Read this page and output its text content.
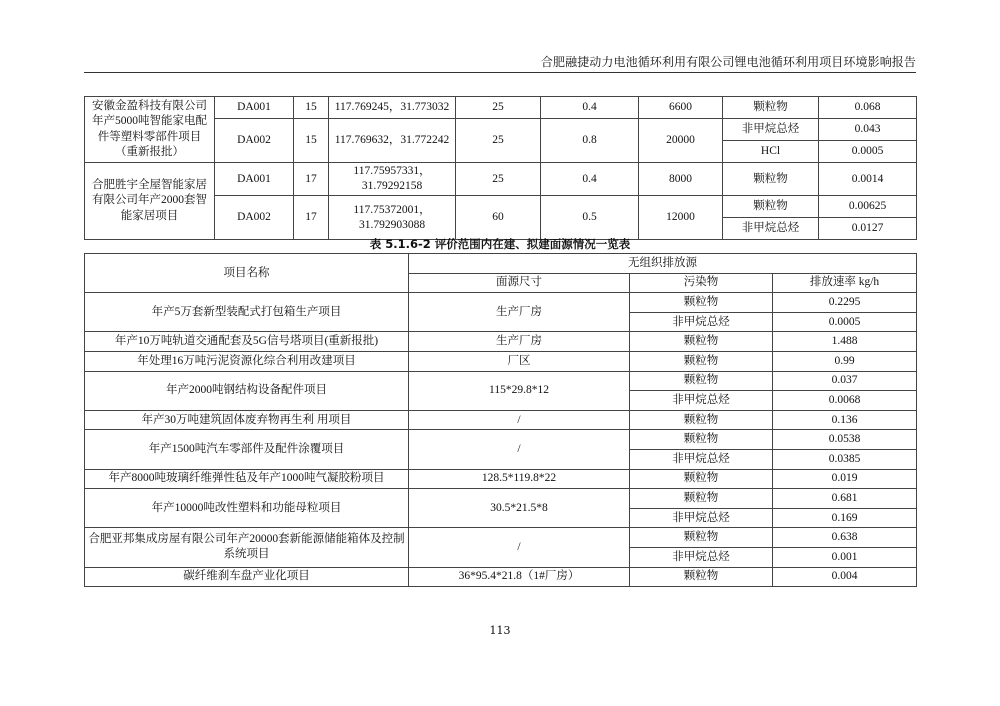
合肥融捷动力电池循环利用有限公司锂电池循环利用项目环境影响报告
安徽金盈科技有限公司年产5000吨智能家电配件等塑料零部件项目（重新报批）	DA001	15	117.769245，31.773032	25	0.4	6600	颗粒物	0.068
	DA002	15	117.769632，31.772242	25	0.8	20000	非甲烷总烃	0.043
							HCl	0.0005
合肥胜宇全屋智能家居有限公司年产2000套智能家居项目	DA001	17	117.75957331，31.79292158	25	0.4	8000	颗粒物	0.0014
	DA002	17	117.75372001，31.792903088	60	0.5	12000	颗粒物	0.00625
							非甲烷总烃	0.0127
表 5.1.6-2 评价范围内在建、拟建面源情况一览表
项目名称	无组织排放源		
	面源尺寸	污染物	排放速率 kg/h
年产5万套新型装配式打包箱生产项目	生产厂房	颗粒物	0.2295
		非甲烷总烃	0.0005
年产10万吨轨道交通配套及5G信号塔项目(重新报批)	生产厂房	颗粒物	1.488
年处理16万吨污泥资源化综合利用改建项目	厂区	颗粒物	0.99
年产2000吨钢结构设备配件项目	115*29.8*12	颗粒物	0.037
		非甲烷总烃	0.0068
年产30万吨建筑固体废弃物再生利 用项目	/	颗粒物	0.136
年产1500吨汽车零部件及配件涂覆项目	/	颗粒物	0.0538
		非甲烷总烃	0.0385
年产8000吨玻璃纤维弹性毡及年产1000吨气凝胶粉项目	128.5*119.8*22	颗粒物	0.019
年产10000吨改性塑料和功能母粒项目	30.5*21.5*8	颗粒物	0.681
		非甲烷总烃	0.169
合肥亚邦集成房屋有限公司年产20000套新能源储能箱体及控制系统项目	/	颗粒物	0.638
		非甲烷总烃	0.001
碳纤维刹车盘产业化项目	36*95.4*21.8（1#厂房）	颗粒物	0.004
113
